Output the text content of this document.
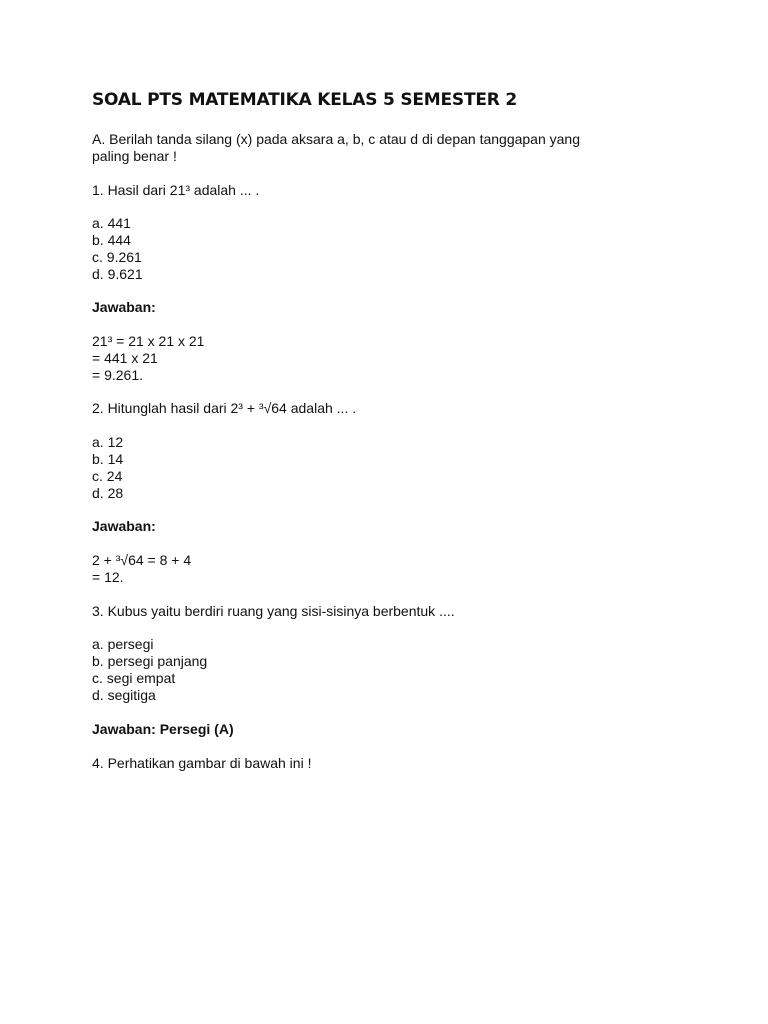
SOAL PTS MATEMATIKA KELAS 5 SEMESTER 2
A. Berilah tanda silang (x) pada aksara a, b, c atau d di depan tanggapan yang
paling benar !
1. Hasil dari 21³ adalah ... .
a. 441
b. 444
c. 9.261
d. 9.621
Jawaban:
21³ = 21 x 21 x 21
= 441 x 21
= 9.261.
2. Hitunglah hasil dari 2³ + ³√64 adalah ... .
a. 12
b. 14
c. 24
d. 28
Jawaban:
2 + ³√64 = 8 + 4
= 12.
3. Kubus yaitu berdiri ruang yang sisi-sisinya berbentuk ....
a. persegi
b. persegi panjang
c. segi empat
d. segitiga
Jawaban: Persegi (A)
4. Perhatikan gambar di bawah ini !
